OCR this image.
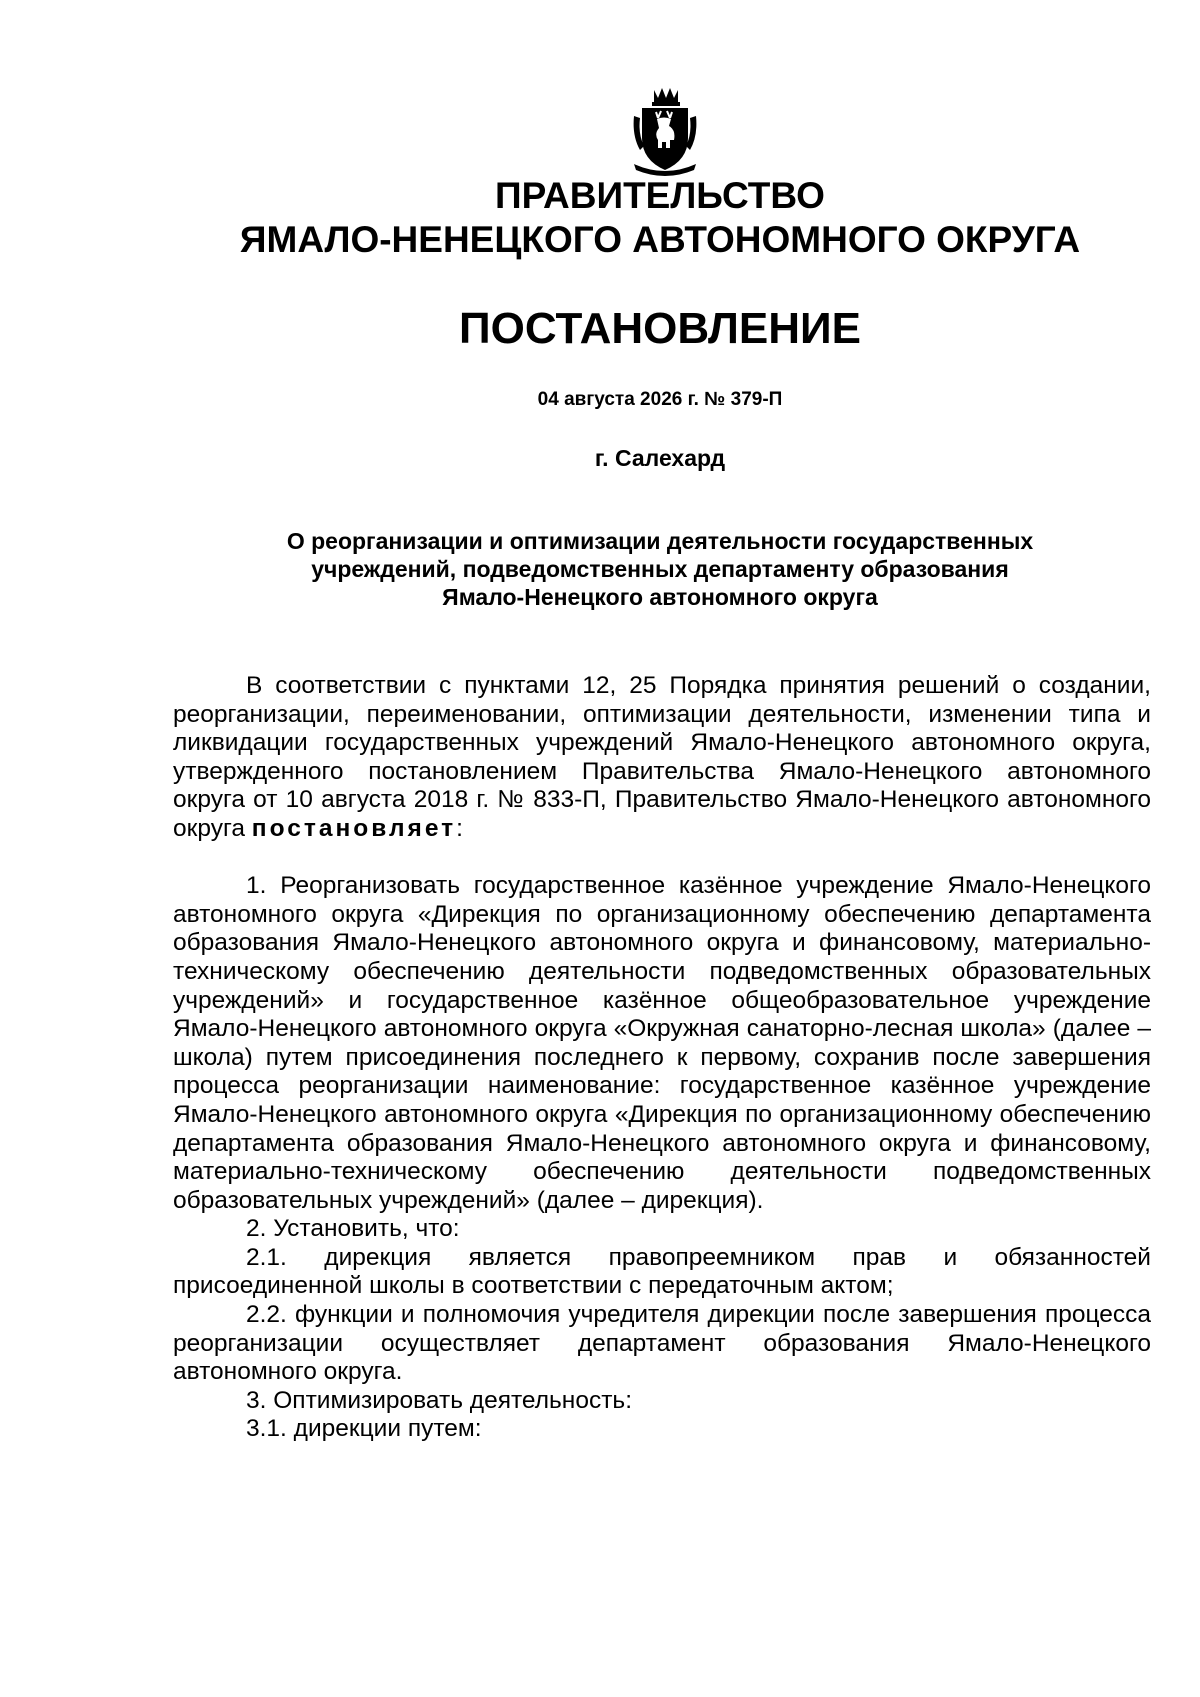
ПРАВИТЕЛЬСТВО
ЯМАЛО-НЕНЕЦКОГО АВТОНОМНОГО ОКРУГА
ПОСТАНОВЛЕНИЕ
04 августа 2026 г. № 379-П
г. Салехард
О реорганизации и оптимизации деятельности государственных
учреждений, подведомственных департаменту образования
Ямало-Ненецкого автономного округа

В соответствии с пунктами 12, 25 Порядка принятия решений о создании, реорганизации, переименовании, оптимизации деятельности, изменении типа и ликвидации государственных учреждений Ямало-Ненецкого автономного округа, утвержденного постановлением Правительства Ямало-Ненецкого автономного округа от 10 августа 2018 г. № 833-П, Правительство Ямало-Ненецкого автономного округа постановляет:

1. Реорганизовать государственное казённое учреждение Ямало-Ненецкого автономного округа «Дирекция по организационному обеспечению департамента образования Ямало-Ненецкого автономного округа и финансовому, материально-техническому обеспечению деятельности подведомственных образовательных учреждений» и государственное казённое общеобразовательное учреждение Ямало-Ненецкого автономного округа «Окружная санаторно-лесная школа» (далее – школа) путем присоединения последнего к первому, сохранив после завершения процесса реорганизации наименование: государственное казённое учреждение Ямало-Ненецкого автономного округа «Дирекция по организационному обеспечению департамента образования Ямало-Ненецкого автономного округа и финансовому, материально-техническому обеспечению деятельности подведомственных образовательных учреждений» (далее – дирекция).

2. Установить, что:

2.1. дирекция является правопреемником прав и обязанностей присоединенной школы в соответствии с передаточным актом;

2.2. функции и полномочия учредителя дирекции после завершения процесса реорганизации осуществляет департамент образования Ямало-Ненецкого автономного округа.

3. Оптимизировать деятельность:

3.1. дирекции путем:
